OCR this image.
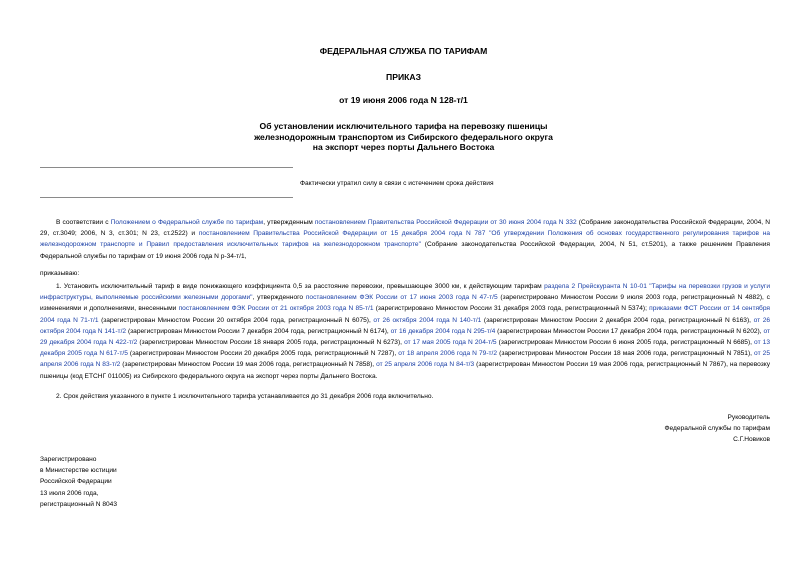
ФЕДЕРАЛЬНАЯ СЛУЖБА ПО ТАРИФАМ
ПРИКАЗ
от 19 июня 2006 года N 128-т/1
Об установлении исключительного тарифа на перевозку пшеницы
железнодорожным транспортом из Сибирского федерального округа
на экспорт через порты Дальнего Востока
Фактически утратил силу в связи с истечением срока действия

В соответствии с Положением о Федеральной службе по тарифам, утвержденным постановлением Правительства Российской Федерации от 30 июня 2004 года N 332 (Собрание законодательства Российской Федерации, 2004, N 29, ст.3049; 2006, N 3, ст.301; N 23, ст.2522) и постановлением Правительства Российской Федерации от 15 декабря 2004 года N 787 "Об утверждении Положения об основах государственного регулирования тарифов на железнодорожном транспорте и Правил предоставления исключительных тарифов на железнодорожном транспорте" (Собрание законодательства Российской Федерации, 2004, N 51, ст.5201), а также решением Правления Федеральной службы по тарифам от 19 июня 2006 года N р-34-т/1,

приказываю:

1. Установить исключительный тариф в виде понижающего коэффициента 0,5 за расстояние перевозки, превышающее 3000 км, к действующим тарифам раздела 2 Прейскуранта N 10-01 "Тарифы на перевозки грузов и услуги инфраструктуры, выполняемые российскими железными дорогами", утвержденного постановлением ФЭК России от 17 июня 2003 года N 47-т/5 (зарегистрировано Минюстом России 9 июля 2003 года, регистрационный N 4882), с изменениями и дополнениями, внесенными постановлением ФЭК России от 21 октября 2003 года N 85-т/1 (зарегистрировано Минюстом России 31 декабря 2003 года, регистрационный N 5374); приказами ФСТ России от 14 сентября 2004 года N 71-т/1 (зарегистрирован Минюстом России 20 октября 2004 года, регистрационный N 6075), от 26 октября 2004 года N 140-т/1 (зарегистрирован Минюстом России 2 декабря 2004 года, регистрационный N 6163), от 26 октября 2004 года N 141-т/2 (зарегистрирован Минюстом России 7 декабря 2004 года, регистрационный N 6174), от 16 декабря 2004 года N 295-т/4 (зарегистрирован Минюстом России 17 декабря 2004 года, регистрационный N 6202), от 29 декабря 2004 года N 422-т/2 (зарегистрирован Минюстом России 18 января 2005 года, регистрационный N 6273), от 17 мая 2005 года N 204-т/5 (зарегистрирован Минюстом России 6 июня 2005 года, регистрационный N 6685), от 13 декабря 2005 года N 617-т/5 (зарегистрирован Минюстом России 20 декабря 2005 года, регистрационный N 7287), от 18 апреля 2006 года N 79-т/2 (зарегистрирован Минюстом России 18 мая 2006 года, регистрационный N 7851), от 25 апреля 2006 года N 83-т/2 (зарегистрирован Минюстом России 19 мая 2006 года, регистрационный N 7858), от 25 апреля 2006 года N 84-т/3 (зарегистрирован Минюстом России 19 мая 2006 года, регистрационный N 7867), на перевозку пшеницы (код ЕТСНГ 011005) из Сибирского федерального округа на экспорт через порты Дальнего Востока.

2. Срок действия указанного в пункте 1 исключительного тарифа устанавливается до 31 декабря 2006 года включительно.

Руководитель
Федеральной службы по тарифам
С.Г.Новиков
Зарегистрировано
в Министерстве юстиции
Российской Федерации
13 июля 2006 года,
регистрационный N 8043
